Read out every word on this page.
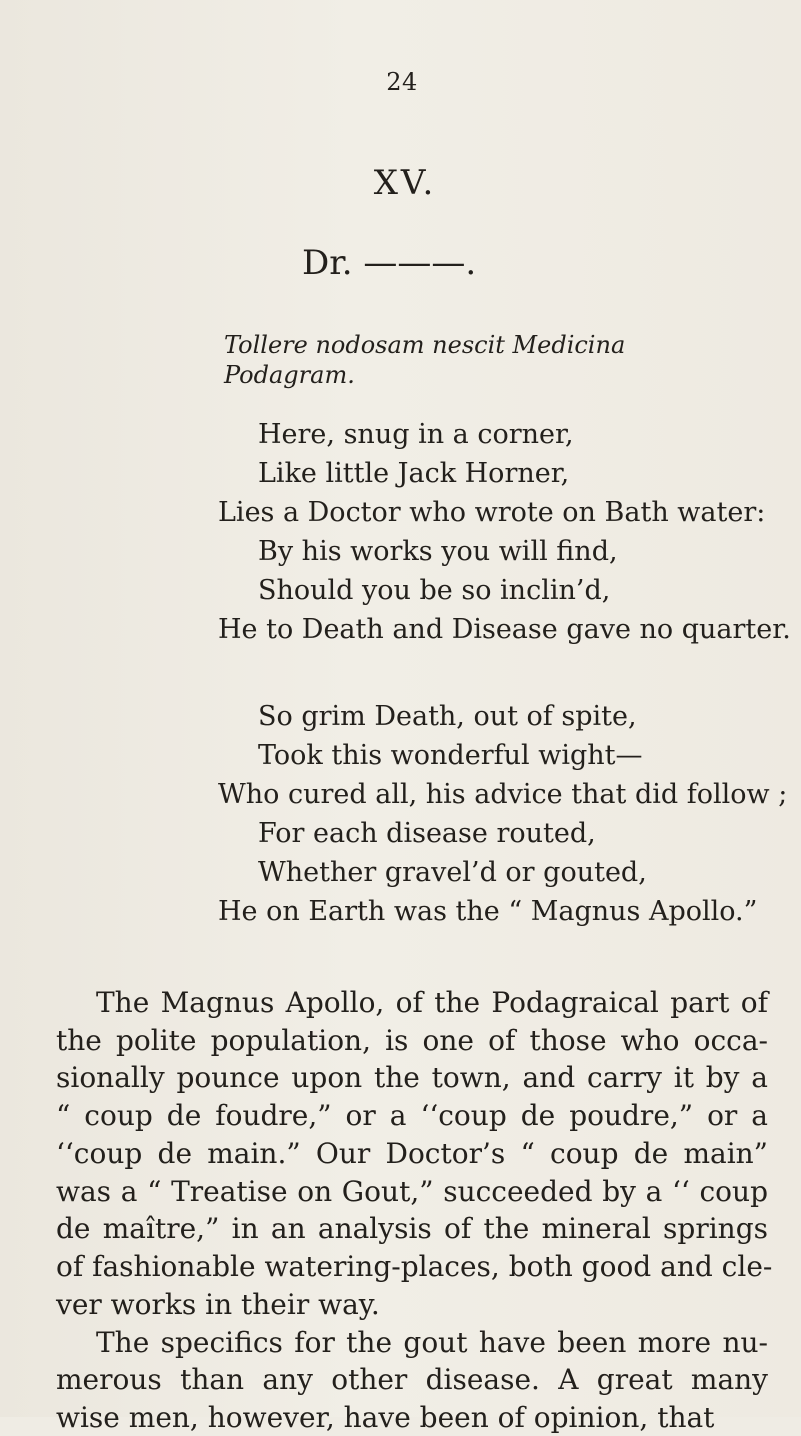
24
XV.
Dr. ———.
Tollere nodosam nescit Medicina Podagram.
Here, snug in a corner,
Like little Jack Horner,
Lies a Doctor who wrote on Bath water:
By his works you will find,
Should you be so inclin’d,
He to Death and Disease gave no quarter.
So grim Death, out of spite,
Took this wonderful wight—
Who cured all, his advice that did follow ;
For each disease routed,
Whether gravel’d or gouted,
He on Earth was the “ Magnus Apollo.”
The Magnus Apollo, of the Podagraical part of
the polite population, is one of those who occa-
sionally pounce upon the town, and carry it by a
“ coup de foudre,” or a ‘‘coup de poudre,” or a
‘‘coup de main.” Our Doctor’s “ coup de main”
was a “ Treatise on Gout,” succeeded by a ‘‘ coup
de maître,” in an analysis of the mineral springs
of fashionable watering-places, both good and cle-
ver works in their way.
The specifics for the gout have been more nu-
merous than any other disease. A great many
wise men, however, have been of opinion, that
